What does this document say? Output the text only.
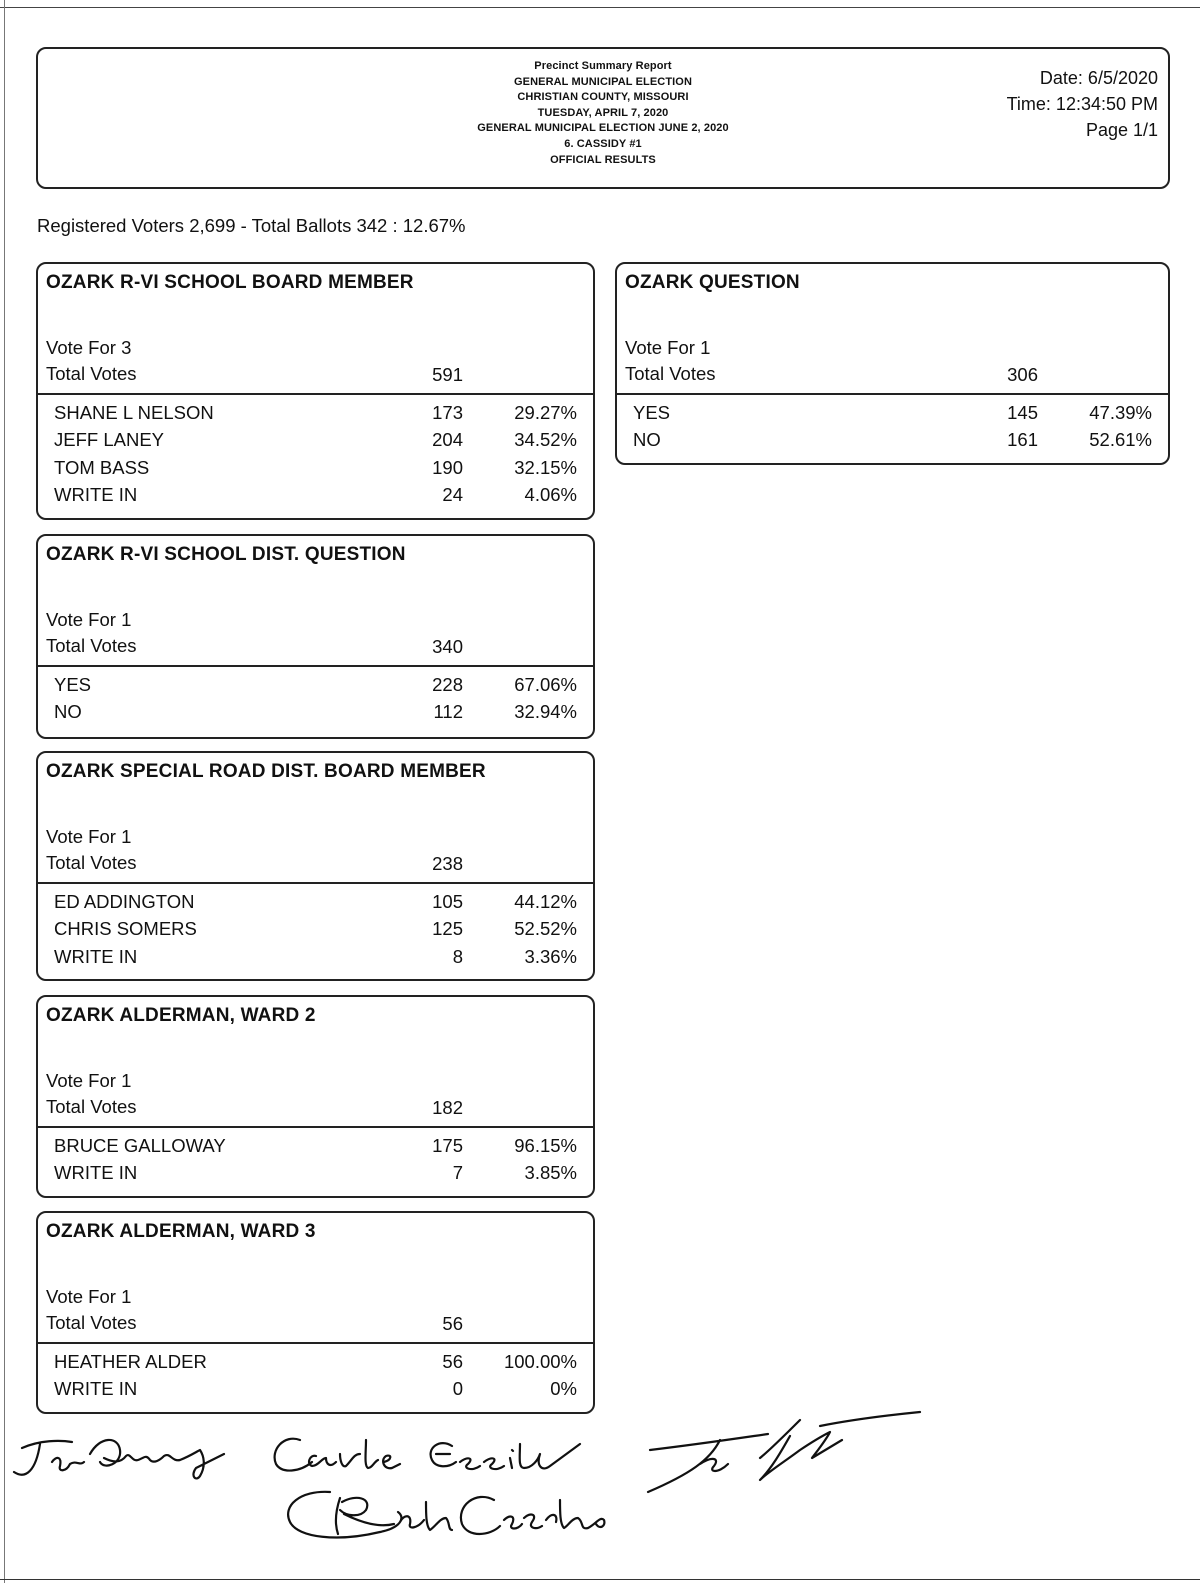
Precinct Summary Report
GENERAL MUNICIPAL ELECTION
CHRISTIAN COUNTY, MISSOURI
TUESDAY, APRIL 7, 2020
GENERAL MUNICIPAL ELECTION JUNE 2, 2020
6. CASSIDY #1
OFFICIAL RESULTS
Date: 6/5/2020
Time: 12:34:50 PM
Page 1/1
Registered Voters 2,699 - Total Ballots 342 : 12.67%
OZARK R-VI SCHOOL BOARD MEMBER
Vote For 3
Total Votes	591
SHANE L NELSON	173	29.27%
JEFF LANEY	204	34.52%
TOM BASS	190	32.15%
WRITE IN	24	4.06%
OZARK QUESTION
Vote For 1
Total Votes	306
YES	145	47.39%
NO	161	52.61%
OZARK R-VI SCHOOL DIST. QUESTION
Vote For 1
Total Votes	340
YES	228	67.06%
NO	112	32.94%
OZARK SPECIAL ROAD DIST. BOARD MEMBER
Vote For 1
Total Votes	238
ED ADDINGTON	105	44.12%
CHRIS SOMERS	125	52.52%
WRITE IN	8	3.36%
OZARK ALDERMAN, WARD 2
Vote For 1
Total Votes	182
BRUCE GALLOWAY	175	96.15%
WRITE IN	7	3.85%
OZARK ALDERMAN, WARD 3
Vote For 1
Total Votes	56
HEATHER ALDER	56	100.00%
WRITE IN	0	0%
